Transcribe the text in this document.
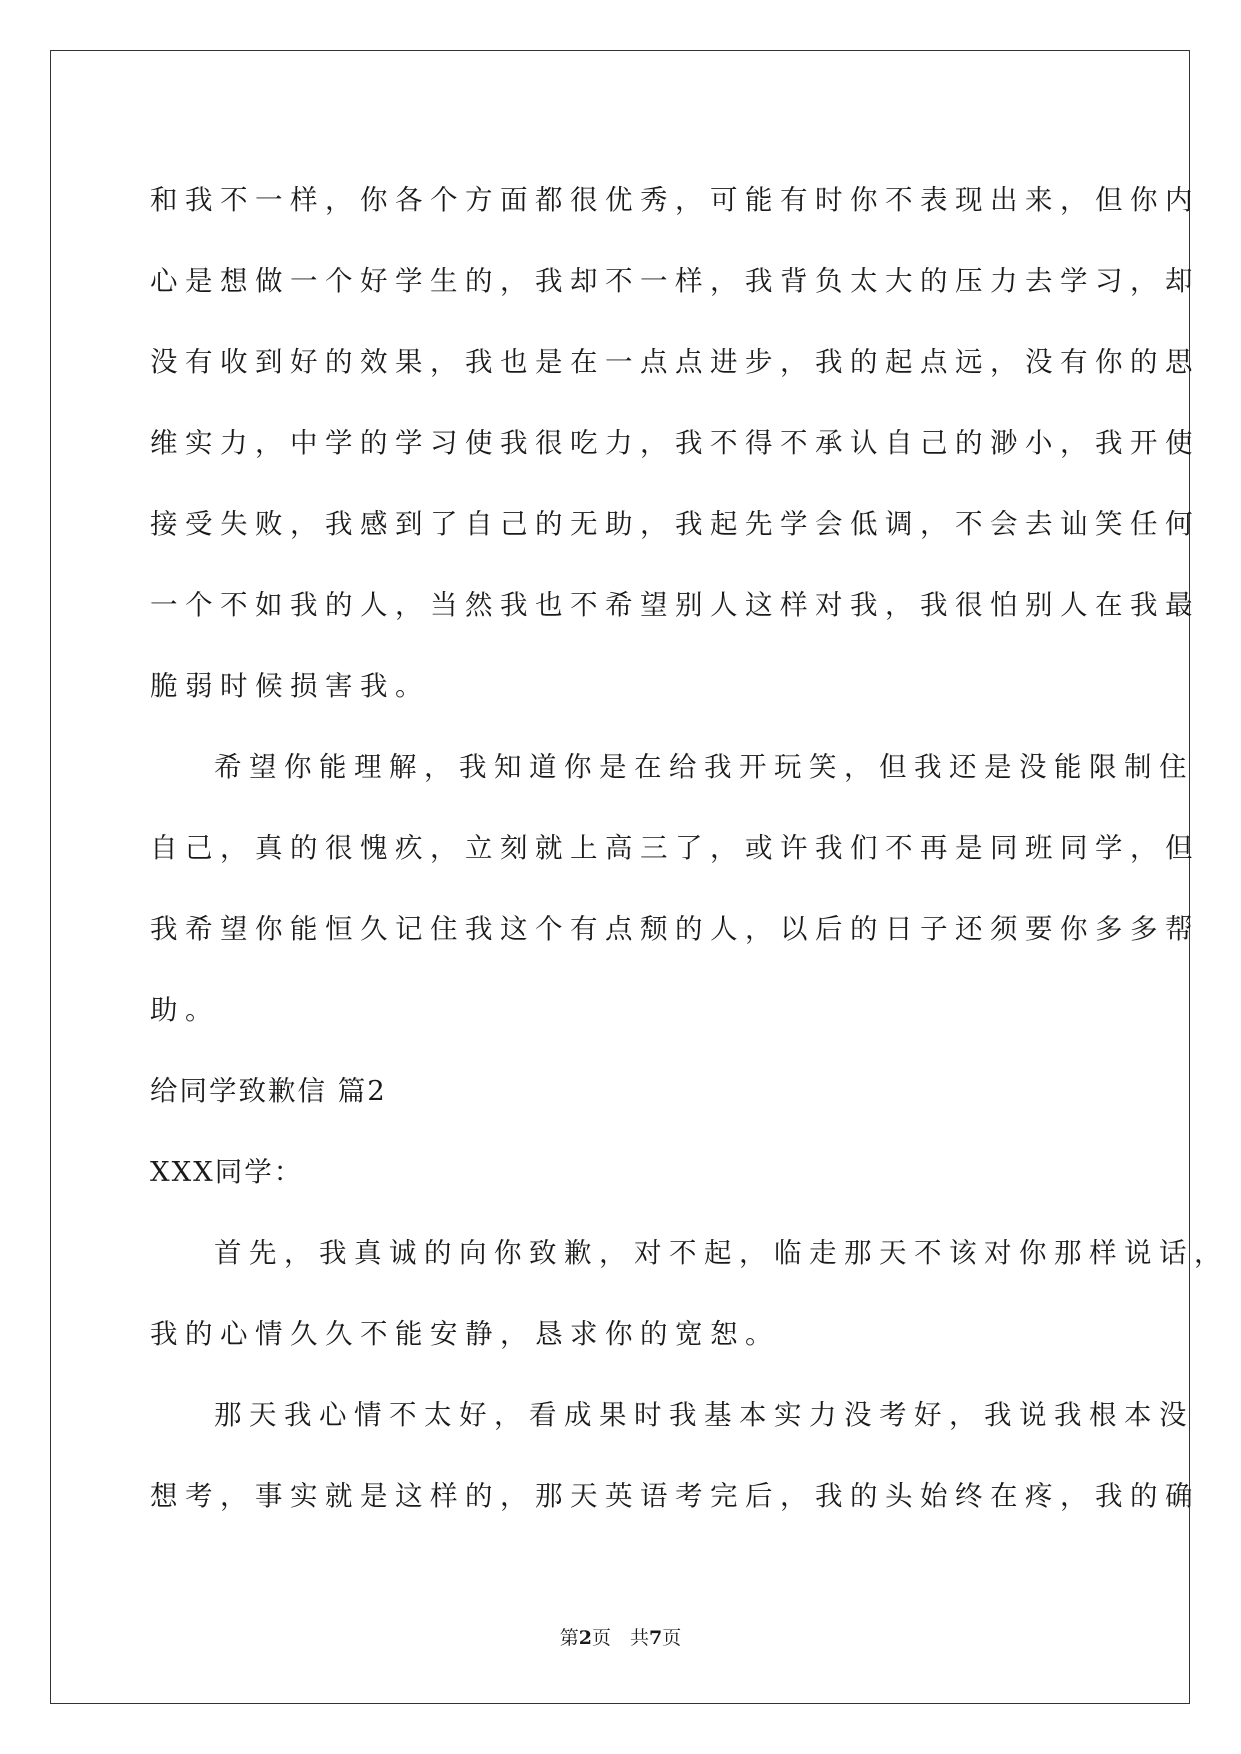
和我不一样，你各个方面都很优秀，可能有时你不表现出来，但你内
心是想做一个好学生的，我却不一样，我背负太大的压力去学习，却
没有收到好的效果，我也是在一点点进步，我的起点远，没有你的思
维实力，中学的学习使我很吃力，我不得不承认自己的渺小，我开使
接受失败，我感到了自己的无助，我起先学会低调，不会去讪笑任何
一个不如我的人，当然我也不希望别人这样对我，我很怕别人在我最
脆弱时候损害我。
希望你能理解，我知道你是在给我开玩笑，但我还是没能限制住
自己，真的很愧疚，立刻就上高三了，或许我们不再是同班同学，但
我希望你能恒久记住我这个有点颓的人，以后的日子还须要你多多帮
助。
给同学致歉信 篇2
XXX同学：
首先，我真诚的向你致歉，对不起，临走那天不该对你那样说话，
我的心情久久不能安静，恳求你的宽恕。
那天我心情不太好，看成果时我基本实力没考好，我说我根本没
想考，事实就是这样的，那天英语考完后，我的头始终在疼，我的确
第2页　共7页
